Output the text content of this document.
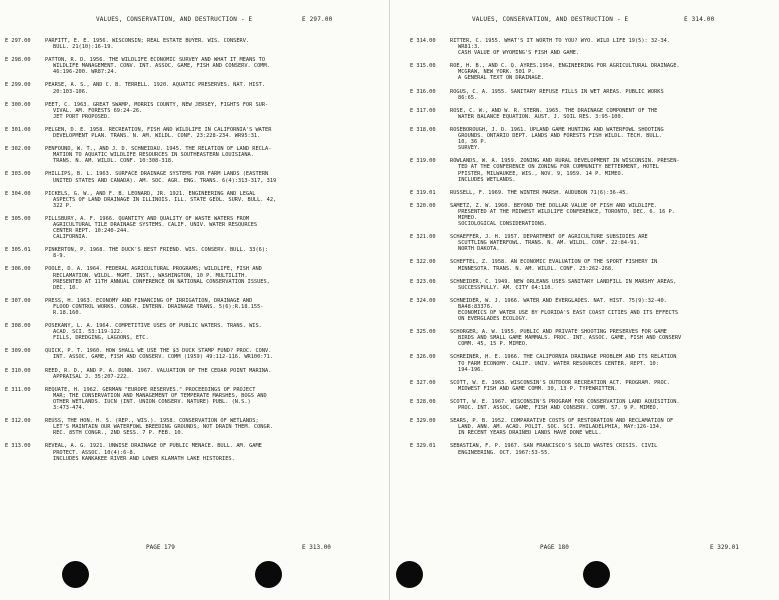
VALUES, CONSERVATION, AND DESTRUCTION - E	E 297.00
E 297.00	PARFITT, E. E. 1956. WISCONSIN; REAL ESTATE BUYER. WIS. CONSERV.
BULL. 21(10):16-19.
E 298.00	PATTON, R. D. 1956. THE WILDLIFE ECONOMIC SURVEY AND WHAT IT MEANS TO
WILDLIFE MANAGEMENT. CONV. INT. ASSOC. GAME, FISH AND CONSERV. COMM.
46:196-200. WR87:24.
E 299.00	PEARSE, A. S., AND C. B. TERRELL. 1920. AQUATIC PRESERVES. NAT. HIST.
20:103-106.
E 300.00	PEET, C. 1963. GREAT SWAMP, MORRIS COUNTY, NEW JERSEY, FIGHTS FOR SUR-
VIVAL. AM. FORESTS 69:24-26.
JET PORT PROPOSED.
E 301.00	PELGEN, D. E. 1958. RECREATION, FISH AND WILDLIFE IN CALIFORNIA'S WATER
DEVELOPMENT PLAN. TRANS. N. AM. WILDL. CONF. 23:228-234. WR95:31.
E 302.00	PENFOUND, W. T., AND J. D. SCHNEIDAU. 1945. THE RELATION OF LAND RECLA-
MATION TO AQUATIC WILDLIFE RESOURCES IN SOUTHEASTERN LOUISIANA.
TRANS. N. AM. WILDL. CONF. 10:308-318.
E 303.00	PHILLIPS, B. L. 1963. SURFACE DRAINAGE SYSTEMS FOR FARM LANDS (EASTERN
UNITED STATES AND CANADA). AM. SOC. AGR. ENG. TRANS. 6(4):313-317, 319
E 304.00	PICKELS, G. W., AND F. B. LEONARD, JR. 1921. ENGINEERING AND LEGAL
ASPECTS OF LAND DRAINAGE IN ILLINOIS. ILL. STATE GEOL. SURV. BULL. 42,
322 P.
E 305.00	PILLSBURY, A. F. 1966. QUANTITY AND QUALITY OF WASTE WATERS FROM
AGRICULTURAL TILE DRAINAGE SYSTEMS. CALIF. UNIV. WATER RESOURCES
CENTER REPT. 10:240-244.
CALIFORNIA.
E 305.01	PINKERTON, P. 1968. THE DUCK'S BEST FRIEND. WIS. CONSERV. BULL. 33(6):
8-9.
E 306.00	POOLE, D. A. 1964. FEDERAL AGRICULTURAL PROGRAMS; WILDLIFE, FISH AND
RECLAMATION. WILDL. MGMT. INST., WASHINGTON, 10 P. MULTILITH.
PRESENTED AT 11TH ANNUAL CONFERENCE ON NATIONAL CONSERVATION ISSUES,
DEC. 10.
E 307.00	PRESS, H. 1963. ECONOMY AND FINANCING OF IRRIGATION, DRAINAGE AND
FLOOD CONTROL WORKS. CONGR. INTERN. DRAINAGE TRANS. 5(6):R.18.155-
R.18.160.
E 308.00	POSEKANY, L. A. 1964. COMPETITIVE USES OF PUBLIC WATERS. TRANS. WIS.
ACAD. SCI. 53:119-122.
FILLS, DREDGING, LAGOONS, ETC.
E 309.00	QUICK, P. T. 1960. HOW SHALL WE USE THE $3 DUCK STAMP FUND? PROC. CONV.
INT. ASSOC. GAME, FISH AND CONSERV. COMM (1959) 49:112-116. WR100:71.
E 310.00	REED, R. D., AND P. A. DUNN. 1967. VALUATION OF THE CEDAR POINT MARINA.
APPRAISAL J. 35:207-222.
E 311.00	REQUATE, H. 1962. GERMAN "EUROPE RESERVES." PROCEEDINGS OF PROJECT
MAR; THE CONSERVATION AND MANAGEMENT OF TEMPERATE MARSHES, BOGS AND
OTHER WETLANDS. IUCN (INT. UNION CONSERV. NATURE) PUBL. (N.S.)
3:473-474.
E 312.00	REUSS, THE HON. H. S. (REP., WIS.). 1958. CONSERVATION OF WETLANDS;
LET'S MAINTAIN OUR WATERFOWL BREEDING GROUNDS, NOT DRAIN THEM. CONGR.
REC. 85TH CONGR., 2ND SESS. 7 P. FEB. 10.
E 313.00	REVEAL, A. G. 1921. UNWISE DRAINAGE OF PUBLIC MENACE. BULL. AM. GAME
PROTECT. ASSOC. 10(4):6-8.
INCLUDES KANKAKEE RIVER AND LOWER KLAMATH LAKE HISTORIES.
PAGE 179	E 313.00
VALUES, CONSERVATION, AND DESTRUCTION - E	E 314.00
E 314.00	RITTER, C. 1955. WHAT'S IT WORTH TO YOU? WYO. WILD LIFE 19(5): 32-34.
WR81:3.
CASH VALUE OF WYOMING'S FISH AND GAME.
E 315.00	ROE, H. B., AND C. Q. AYRES.1954. ENGINEERING FOR AGRICULTURAL DRAINAGE.
MCGRAW, NEW YORK. 501 P.
A GENERAL TEXT ON DRAINAGE.
E 316.00	ROGUS, C. A. 1955. SANITARY REFUSE FILLS IN WET AREAS. PUBLIC WORKS
86:65.
E 317.00	ROSE, C. W., AND W. R. STERN. 1965. THE DRAINAGE COMPONENT OF THE
WATER BALANCE EQUATION. AUST. J. SOIL RES. 3:95-100.
E 318.00	ROSEBOROUGH, J. D. 1961. UPLAND GAME HUNTING AND WATERFOWL SHOOTING
GROUNDS. ONTARIO DEPT. LANDS AND FORESTS FISH WILDL. TECH. BULL.
10, 36 P.
SURVEY.
E 319.00	ROWLANDS, W. A. 1959. ZONING AND RURAL DEVELOPMENT IN WISCONSIN. PRESEN-
TED AT THE CONFERENCE ON ZONING FOR COMMUNITY BETTERMENT, HOTEL
PFISTER, MILWAUKEE, WIS., NOV. 9, 1959. 14 P. MIMEO.
INCLUDES WETLANDS.
E 319.01	RUSSELL, F. 1969. THE WINTER MARSH. AUDUBON 71(6):36-45.
E 320.00	SAMETZ, Z. W. 1960. BEYOND THE DOLLAR VALUE OF FISH AND WILDLIFE.
PRESENTED AT THE MIDWEST WILDLIFE CONFERENCE, TORONTO, DEC. 6. 16 P.
MIMEO.
SOCIOLOGICAL CONSIDERATIONS.
E 321.00	SCHAEFFER, J. H. 1957. DEPARTMENT OF AGRICULTURE SUBSIDIES ARE
SCUTTLING WATERFOWL. TRANS. N. AM. WILDL. CONF. 22:84-91.
NORTH DAKOTA.
E 322.00	SCHEFTEL, Z. 1958. AN ECONOMIC EVALUATION OF THE SPORT FISHERY IN
MINNESOTA. TRANS. N. AM. WILDL. CONF. 23:262-268.
E 323.00	SCHNEIDER, C. 1949. NEW ORLEANS USES SANITARY LANDFILL IN MARSHY AREAS,
SUCCESSFULLY. AM. CITY 64:110.
E 324.00	SCHNEIDER, W. J. 1966. WATER AND EVERGLADES. NAT. HIST. 75(9):32-40.
BA48:83376.
ECONOMICS OF WATER USE BY FLORIDA'S EAST COAST CITIES AND ITS EFFECTS
ON EVERGLADES ECOLOGY.
E 325.00	SCHORGER, A. W. 1955. PUBLIC AND PRIVATE SHOOTING PRESERVES FOR GAME
BIRDS AND SMALL GAME MAMMALS. PROC. INT. ASSOC. GAME, FISH AND CONSERV
COMM. 45, 15 P. MIMEO.
E 326.00	SCHREINER, H. E. 1966. THE CALIFORNIA DRAINAGE PROBLEM AND ITS RELATION
TO FARM ECONOMY. CALIF. UNIV. WATER RESOURCES CENTER. REPT. 10:
194-196.
E 327.00	SCOTT, W. E. 1963. WISCONSIN'S OUTDOOR RECREATION ACT. PROGRAM. PROC.
MIDWEST FISH AND GAME COMM. 30, 13 P. TYPEWRITTEN.
E 328.00	SCOTT, W. E. 1967. WISCONSIN'S PROGRAM FOR CONSERVATION LAND AQUISITION.
PROC. INT. ASSOC. GAME, FISH AND CONSERV. COMM. 57. 9 P. MIMEO.
E 329.00	SEARS, P. B. 1952. COMPARATIVE COSTS OF RESTORATION AND RECLAMATION OF
LAND. ANN. AM. ACAD. POLIT. SOC. SCI. PHILADELPHIA, MAY:126-134.
IN RECENT YEARS DRAINED LANDS HAVE DONE WELL.
E 329.01	SEBASTIAN, F. P. 1967. SAN FRANCISCO'S SOLID WASTES CRISIS. CIVIL
ENGINEERING. OCT. 1967:53-55.
PAGE 180	E 329.01
